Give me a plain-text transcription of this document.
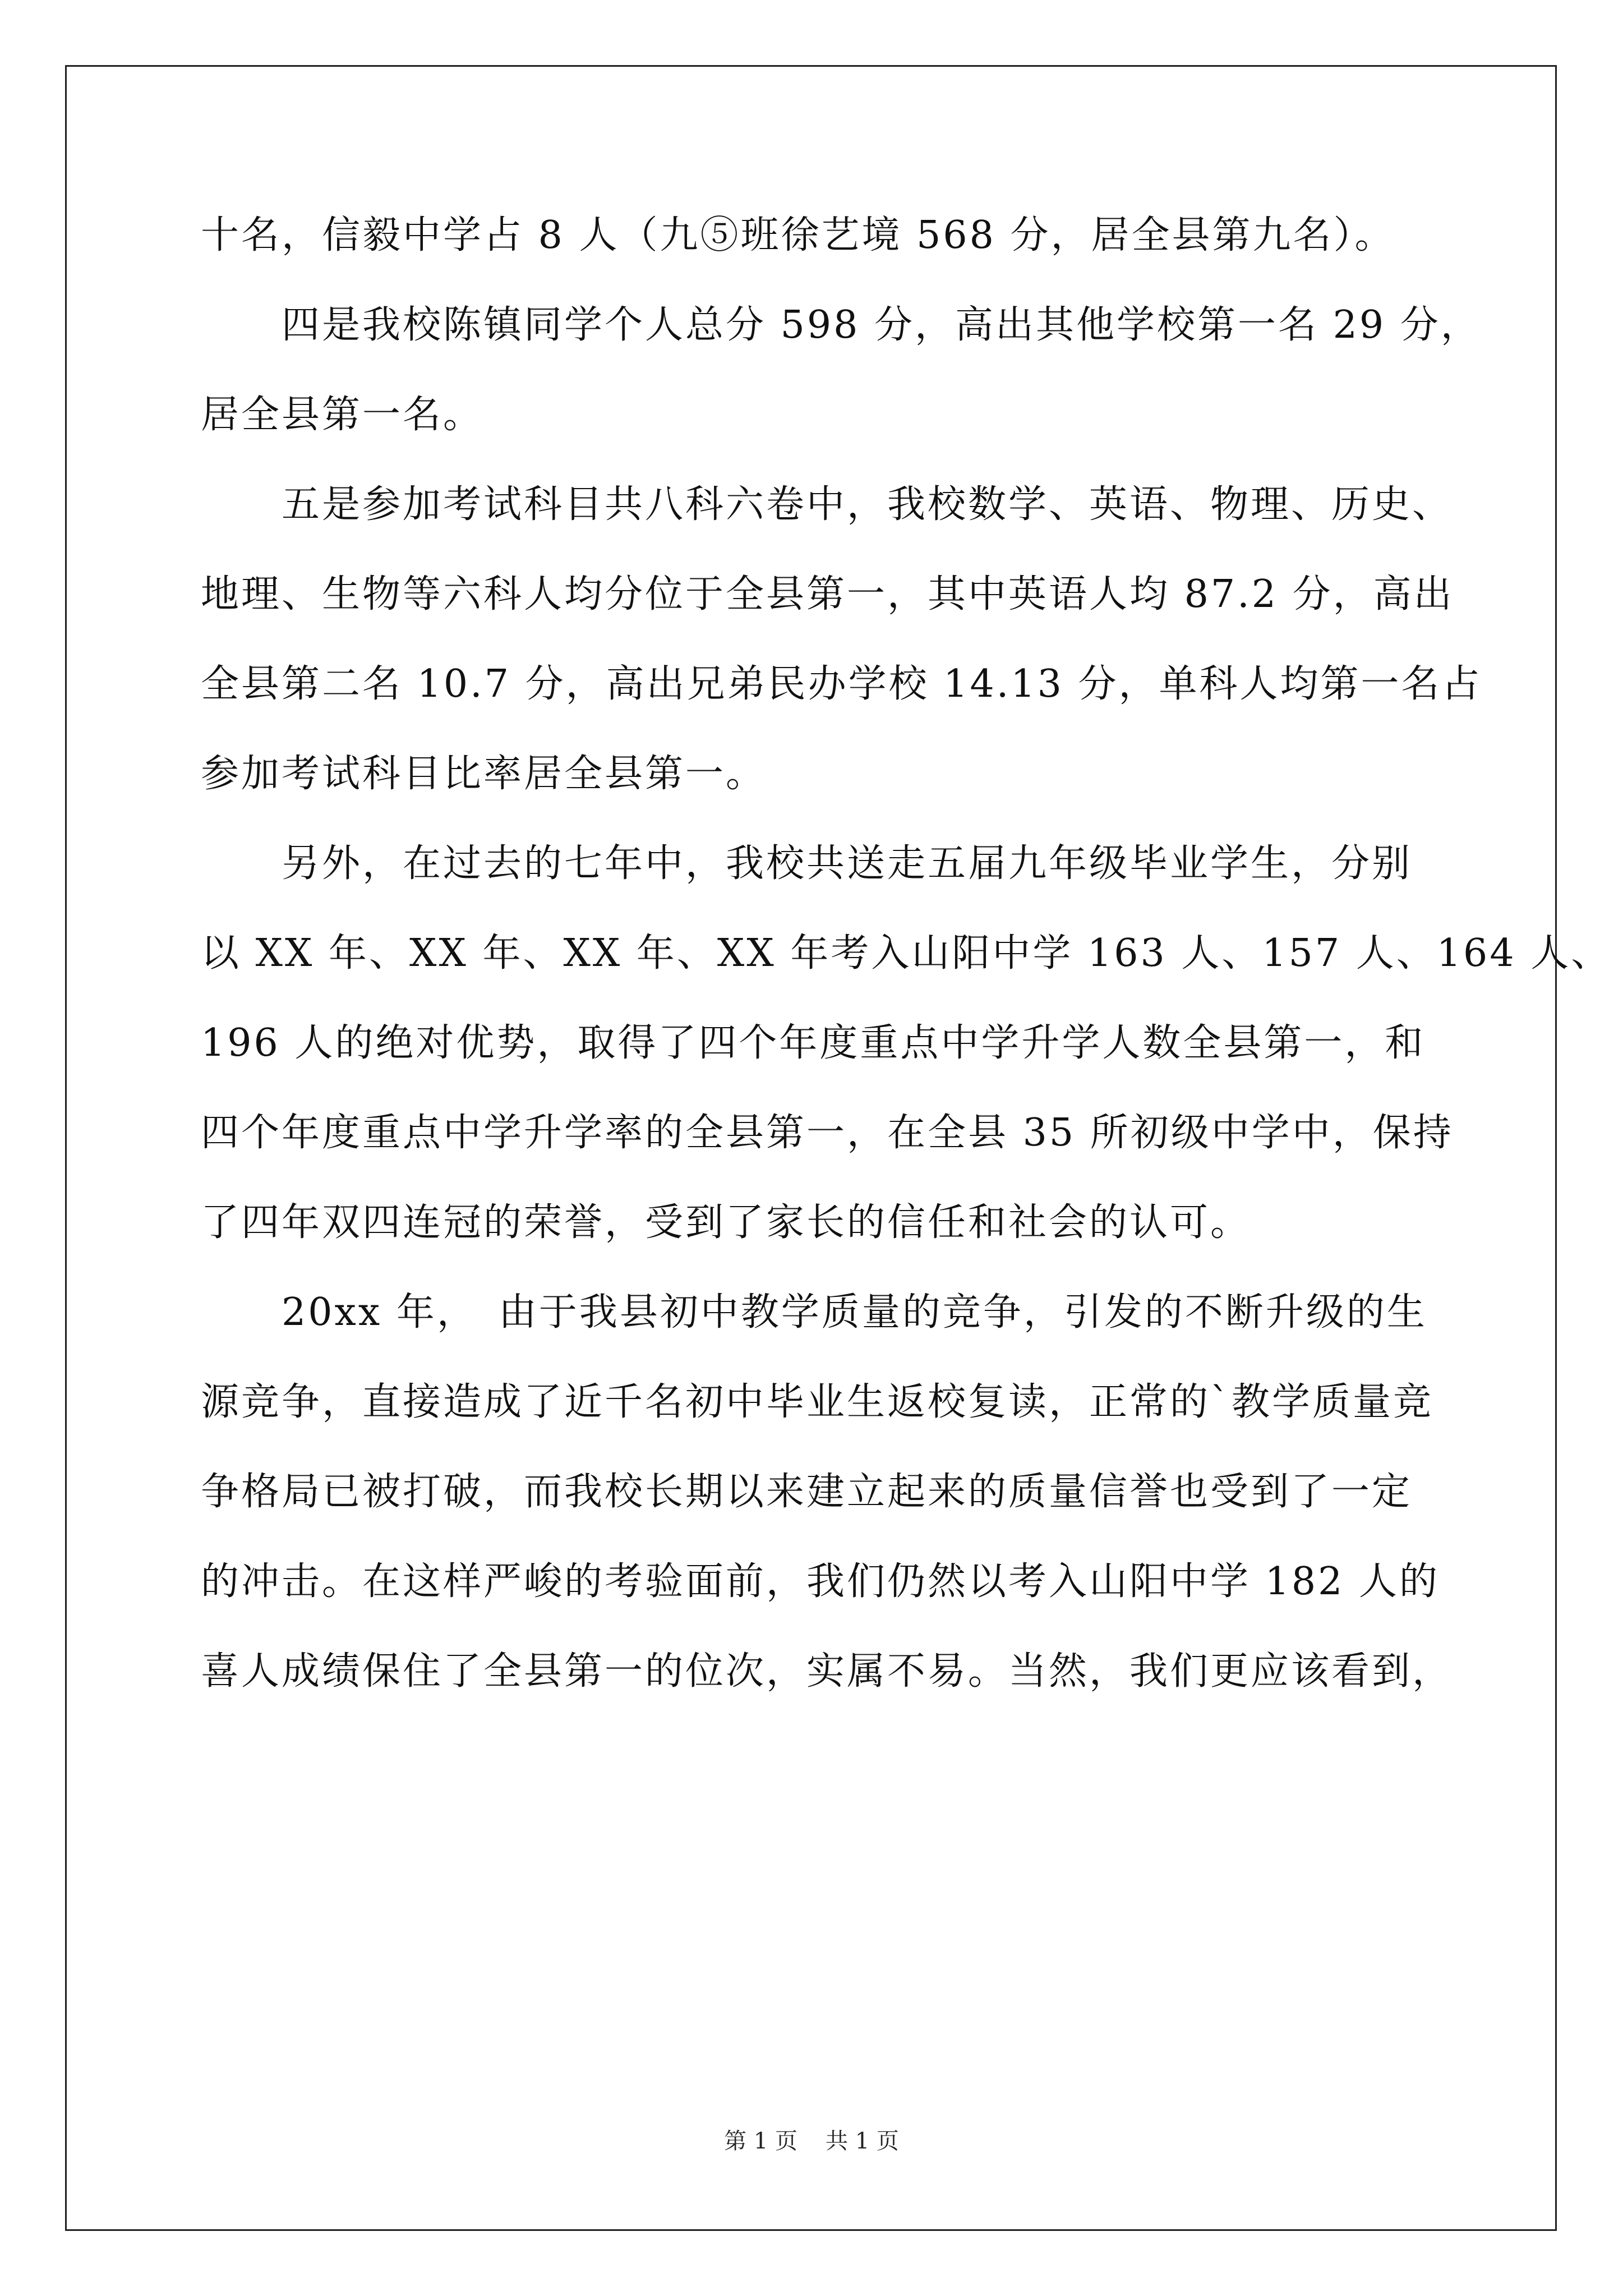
十名，信毅中学占 8 人（九⑤班徐艺境 568 分，居全县第九名）。
　　四是我校陈镇同学个人总分 598 分，高出其他学校第一名 29 分，
居全县第一名。
　　五是参加考试科目共八科六卷中，我校数学、英语、物理、历史、
地理、生物等六科人均分位于全县第一，其中英语人均 87.2 分，高出
全县第二名 10.7 分，高出兄弟民办学校 14.13 分，单科人均第一名占
参加考试科目比率居全县第一。
　　另外，在过去的七年中，我校共送走五届九年级毕业学生，分别
以 XX 年、XX 年、XX 年、XX 年考入山阳中学 163 人、157 人、164 人、
196 人的绝对优势，取得了四个年度重点中学升学人数全县第一，和
四个年度重点中学升学率的全县第一，在全县 35 所初级中学中，保持
了四年双四连冠的荣誉，受到了家长的信任和社会的认可。
　　20xx 年，　由于我县初中教学质量的竞争，引发的不断升级的生
源竞争，直接造成了近千名初中毕业生返校复读，正常的`教学质量竞
争格局已被打破，而我校长期以来建立起来的质量信誉也受到了一定
的冲击。在这样严峻的考验面前，我们仍然以考入山阳中学 182 人的
喜人成绩保住了全县第一的位次，实属不易。当然，我们更应该看到，
第 1 页 共 1 页
